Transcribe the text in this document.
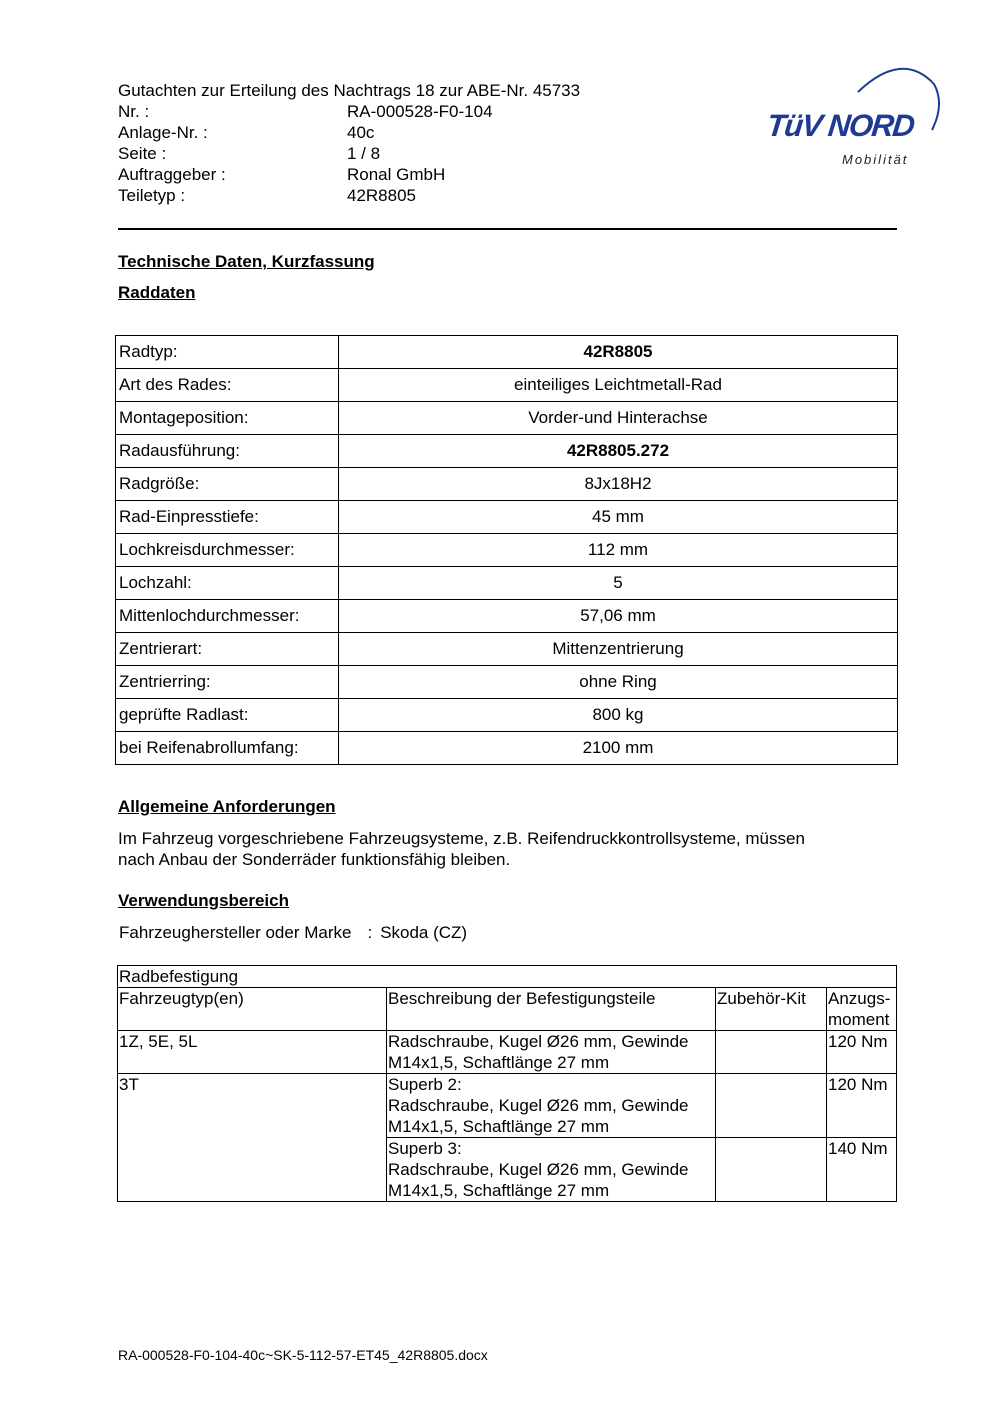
Gutachten zur Erteilung des Nachtrags 18 zur ABE-Nr. 45733
Nr. :	RA-000528-F0-104
Anlage-Nr. :	40c
Seite :	1 / 8
Auftraggeber :	Ronal GmbH
Teiletyp :	42R8805
TüV NORD
Mobilität
Technische Daten, Kurzfassung
Raddaten
Radtyp:	42R8805
Art des Rades:	einteiliges Leichtmetall-Rad
Montageposition:	Vorder-und Hinterachse
Radausführung:	42R8805.272
Radgröße:	8Jx18H2
Rad-Einpresstiefe:	45 mm
Lochkreisdurchmesser:	112 mm
Lochzahl:	5
Mittenlochdurchmesser:	57,06 mm
Zentrierart:	Mittenzentrierung
Zentrierring:	ohne Ring
geprüfte Radlast:	800 kg
bei Reifenabrollumfang:	2100 mm
Allgemeine Anforderungen
Im Fahrzeug vorgeschriebene Fahrzeugsysteme, z.B. Reifendruckkontrollsysteme, müssen
nach Anbau der Sonderräder funktionsfähig bleiben.
Verwendungsbereich
Fahrzeughersteller oder Marke : Skoda (CZ)
Radbefestigung			
Fahrzeugtyp(en)	Beschreibung der Befestigungsteile	Zubehör-Kit	Anzugs-
moment

1Z, 5E, 5L	Radschraube, Kugel Ø26 mm, Gewinde
M14x1,5, Schaftlänge 27 mm		120 Nm
3T	Superb 2:
Radschraube, Kugel Ø26 mm, Gewinde
M14x1,5, Schaftlänge 27 mm		120 Nm

	Superb 3:
Radschraube, Kugel Ø26 mm, Gewinde
M14x1,5, Schaftlänge 27 mm		140 Nm
RA-000528-F0-104-40c~SK-5-112-57-ET45_42R8805.docx
